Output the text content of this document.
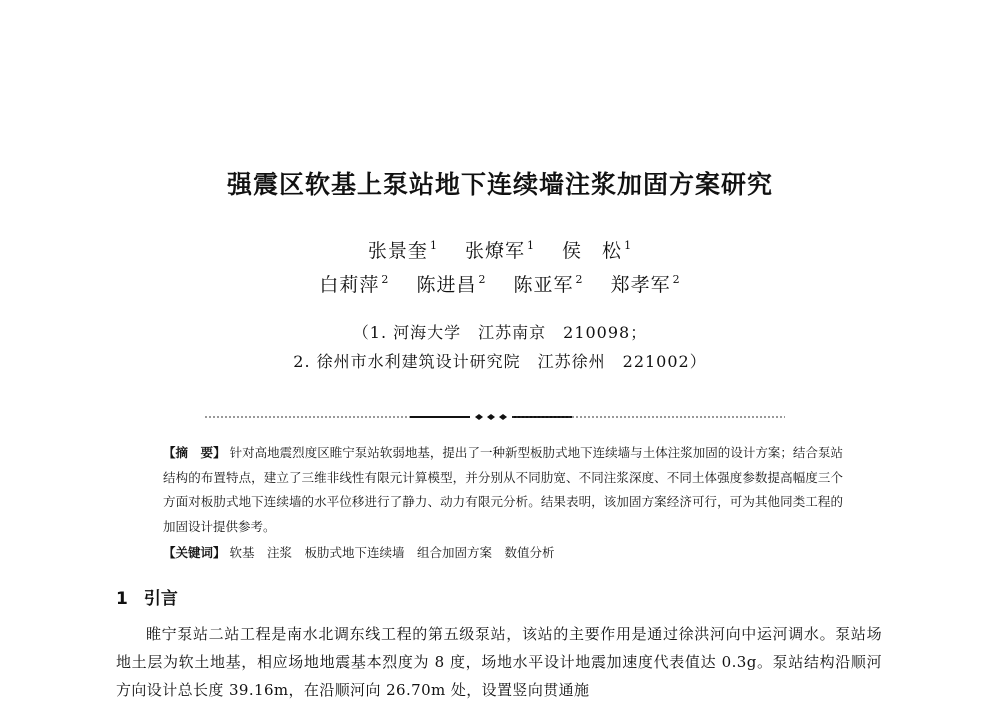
强震区软基上泵站地下连续墙注浆加固方案研究
张景奎 $^1$ 张燎军 $^1$ 侯　松 $^1$
白莉萍 $^2$ 陈进昌 $^2$ 陈亚军 $^2$ 郑孝军 $^2$
（1. 河海大学　江苏南京　210098；
2. 徐州市水利建筑设计研究院　江苏徐州　221002）
【摘　要】 针对高地震烈度区睢宁泵站软弱地基，提出了一种新型板肋式地下连续墙与土体注浆加固的设计方案；结合泵站结构的布置特点，建立了三维非线性有限元计算模型，并分别从不同肋宽、不同注浆深度、不同土体强度参数提高幅度三个方面对板肋式地下连续墙的水平位移进行了静力、动力有限元分析。结果表明，该加固方案经济可行，可为其他同类工程的加固设计提供参考。
【关键词】 软基　注浆　板肋式地下连续墙　组合加固方案　数值分析
1 引言

睢宁泵站二站工程是南水北调东线工程的第五级泵站，该站的主要作用是通过徐洪河向中运河调水。泵站场地土层为软土地基，相应场地地震基本烈度为 8 度，场地水平设计地震加速度代表值达 0.3g。泵站结构沿顺河方向设计总长度 39.16m，在沿顺河向 26.70m 处，设置竖向贯通施
